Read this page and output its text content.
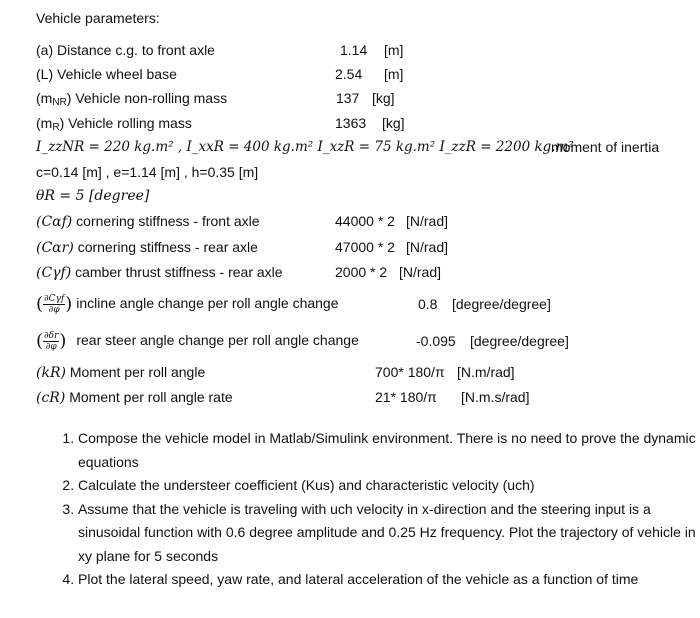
Vehicle parameters:
(a) Distance c.g. to front axle	1.14 [m]
(L) Vehicle wheel base	2.54 [m]
$(m_{NR})$ Vehicle non-rolling mass	137 [kg]
$(m_R)$ Vehicle rolling mass	1363 [kg]
I_zzNR = 220 kg.m² , I_xxR = 400 kg.m² I_xzR = 75 kg.m² I_zzR = 2200 kg.m²
moment of inertia
c=0.14 [m] , e=1.14 [m] , h=0.35 [m]
θR = 5 [degree]
(Cαf) cornering stiffness - front axle	44000 * 2 [N/rad]
(Cαr) cornering stiffness - rear axle	47000 * 2 [N/rad]
(Cγf) camber thrust stiffness - rear axle	2000 * 2 [N/rad]
( $\frac{\text{∂Cγf}}{\partial\varphi}$ ) incline angle change per roll angle change	0.8 [degree/degree]
( $\frac{\partial\delta r}{\partial\varphi}$ ) rear steer angle change per roll angle change	-0.095 [degree/degree]
(kR) Moment per roll angle	700* 180/π [N.m/rad]
(cR) Moment per roll angle rate	21* 180/π [N.m.s/rad]
1. Compose the vehicle model in Matlab/Simulink environment. There is no need to prove the dynamic equations
2. Calculate the understeer coefficient (Kus) and characteristic velocity (uch)
3. Assume that the vehicle is traveling with uch velocity in x-direction and the steering input is a sinusoidal function with 0.6 degree amplitude and 0.25 Hz frequency. Plot the trajectory of vehicle in xy plane for 5 seconds
4. Plot the lateral speed, yaw rate, and lateral acceleration of the vehicle as a function of time
